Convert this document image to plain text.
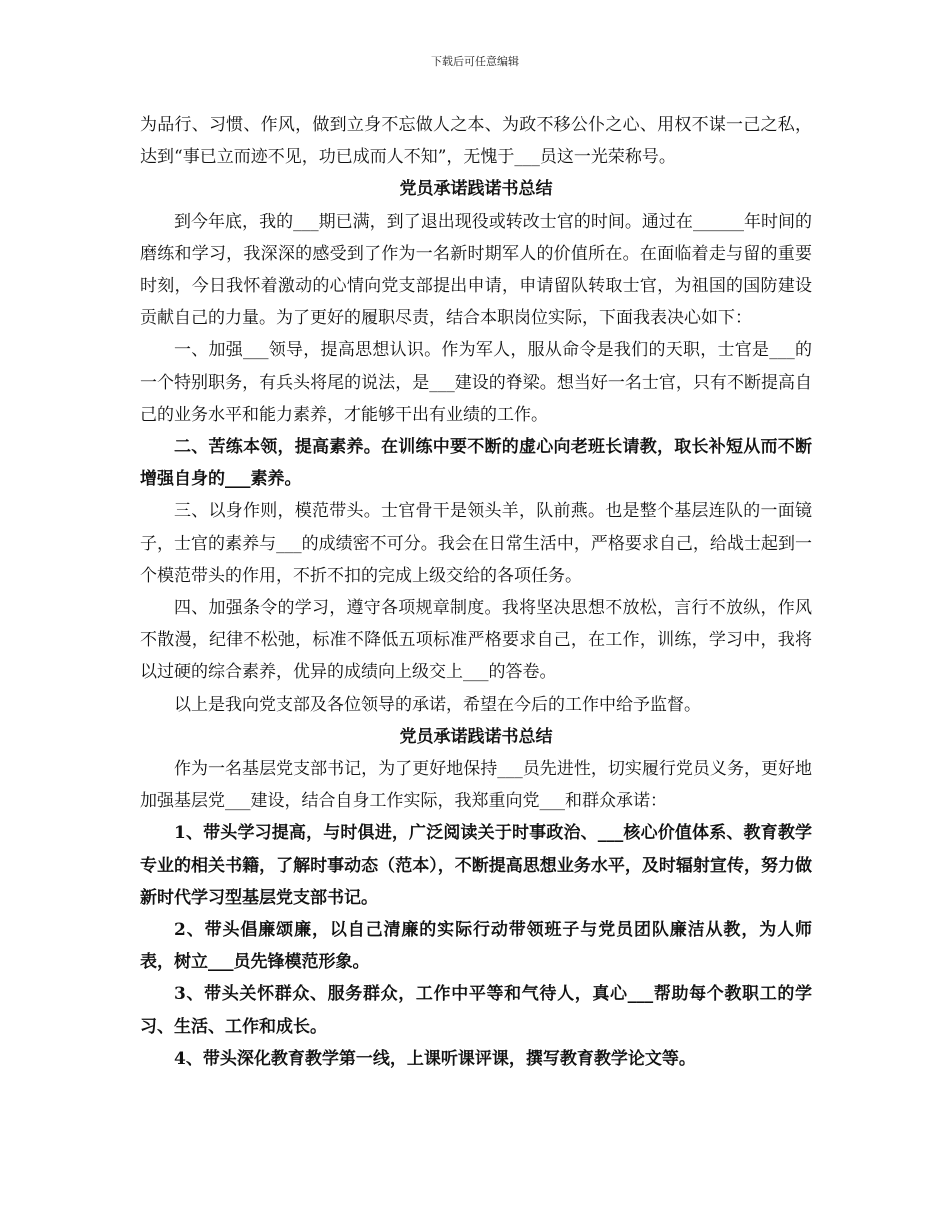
下载后可任意编辑

为品行、习惯、作风，做到立身不忘做人之本、为政不移公仆之心、用权不谋一己之私，达到“事已立而迹不见，功已成而人不知”，无愧于___员这一光荣称号。

党员承诺践诺书总结

到今年底，我的___期已满，到了退出现役或转改士官的时间。通过在______年时间的磨练和学习，我深深的感受到了作为一名新时期军人的价值所在。在面临着走与留的重要时刻，今日我怀着激动的心情向党支部提出申请，申请留队转取士官，为祖国的国防建设贡献自己的力量。为了更好的履职尽责，结合本职岗位实际，下面我表决心如下：

一、加强___领导，提高思想认识。作为军人，服从命令是我们的天职，士官是___的一个特别职务，有兵头将尾的说法，是___建设的脊梁。想当好一名士官，只有不断提高自己的业务水平和能力素养，才能够干出有业绩的工作。

二、苦练本领，提高素养。在训练中要不断的虚心向老班长请教，取长补短从而不断增强自身的___素养。

三、以身作则，模范带头。士官骨干是领头羊，队前燕。也是整个基层连队的一面镜子，士官的素养与___的成绩密不可分。我会在日常生活中，严格要求自己，给战士起到一个模范带头的作用，不折不扣的完成上级交给的各项任务。

四、加强条令的学习，遵守各项规章制度。我将坚决思想不放松，言行不放纵，作风不散漫，纪律不松弛，标准不降低五项标准严格要求自己，在工作，训练，学习中，我将以过硬的综合素养，优异的成绩向上级交上___的答卷。

以上是我向党支部及各位领导的承诺，希望在今后的工作中给予监督。

党员承诺践诺书总结

作为一名基层党支部书记，为了更好地保持___员先进性，切实履行党员义务，更好地加强基层党___建设，结合自身工作实际，我郑重向党___和群众承诺：

1、带头学习提高，与时俱进，广泛阅读关于时事政治、___核心价值体系、教育教学专业的相关书籍，了解时事动态（范本），不断提高思想业务水平，及时辐射宣传，努力做新时代学习型基层党支部书记。

2、带头倡廉颂廉，以自己清廉的实际行动带领班子与党员团队廉洁从教，为人师表，树立___员先锋模范形象。

3、带头关怀群众、服务群众，工作中平等和气待人，真心___帮助每个教职工的学习、生活、工作和成长。

4、带头深化教育教学第一线，上课听课评课，撰写教育教学论文等。
